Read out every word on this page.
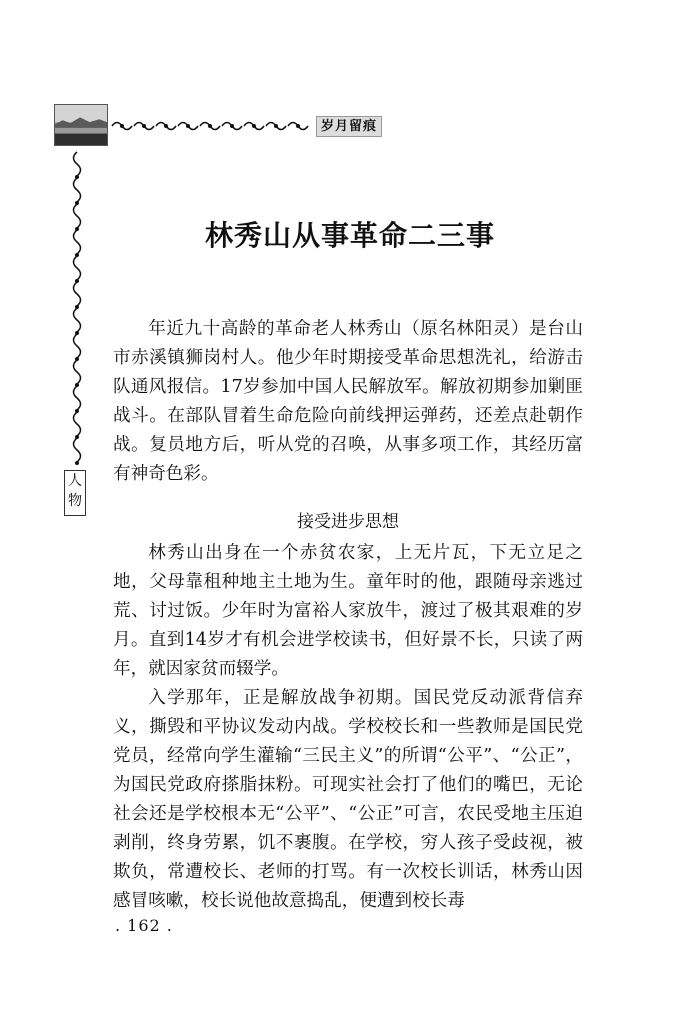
岁月留痕
人
物
林秀山从事革命二三事

年近九十高龄的革命老人林秀山（原名林阳灵）是台山市赤溪镇狮岗村人。他少年时期接受革命思想洗礼，给游击队通风报信。17岁参加中国人民解放军。解放初期参加剿匪战斗。在部队冒着生命危险向前线押运弹药，还差点赴朝作战。复员地方后，听从党的召唤，从事多项工作，其经历富有神奇色彩。

接受进步思想

林秀山出身在一个赤贫农家，上无片瓦，下无立足之地，父母靠租种地主土地为生。童年时的他，跟随母亲逃过荒、讨过饭。少年时为富裕人家放牛，渡过了极其艰难的岁月。直到14岁才有机会进学校读书，但好景不长，只读了两年，就因家贫而辍学。

入学那年，正是解放战争初期。国民党反动派背信弃义，撕毁和平协议发动内战。学校校长和一些教师是国民党党员，经常向学生灌输“三民主义”的所谓“公平”、“公正”，为国民党政府搽脂抹粉。可现实社会打了他们的嘴巴，无论社会还是学校根本无“公平”、“公正”可言，农民受地主压迫剥削，终身劳累，饥不裹腹。在学校，穷人孩子受歧视，被欺负，常遭校长、老师的打骂。有一次校长训话，林秀山因感冒咳嗽，校长说他故意捣乱，便遭到校长毒

. 162 .
